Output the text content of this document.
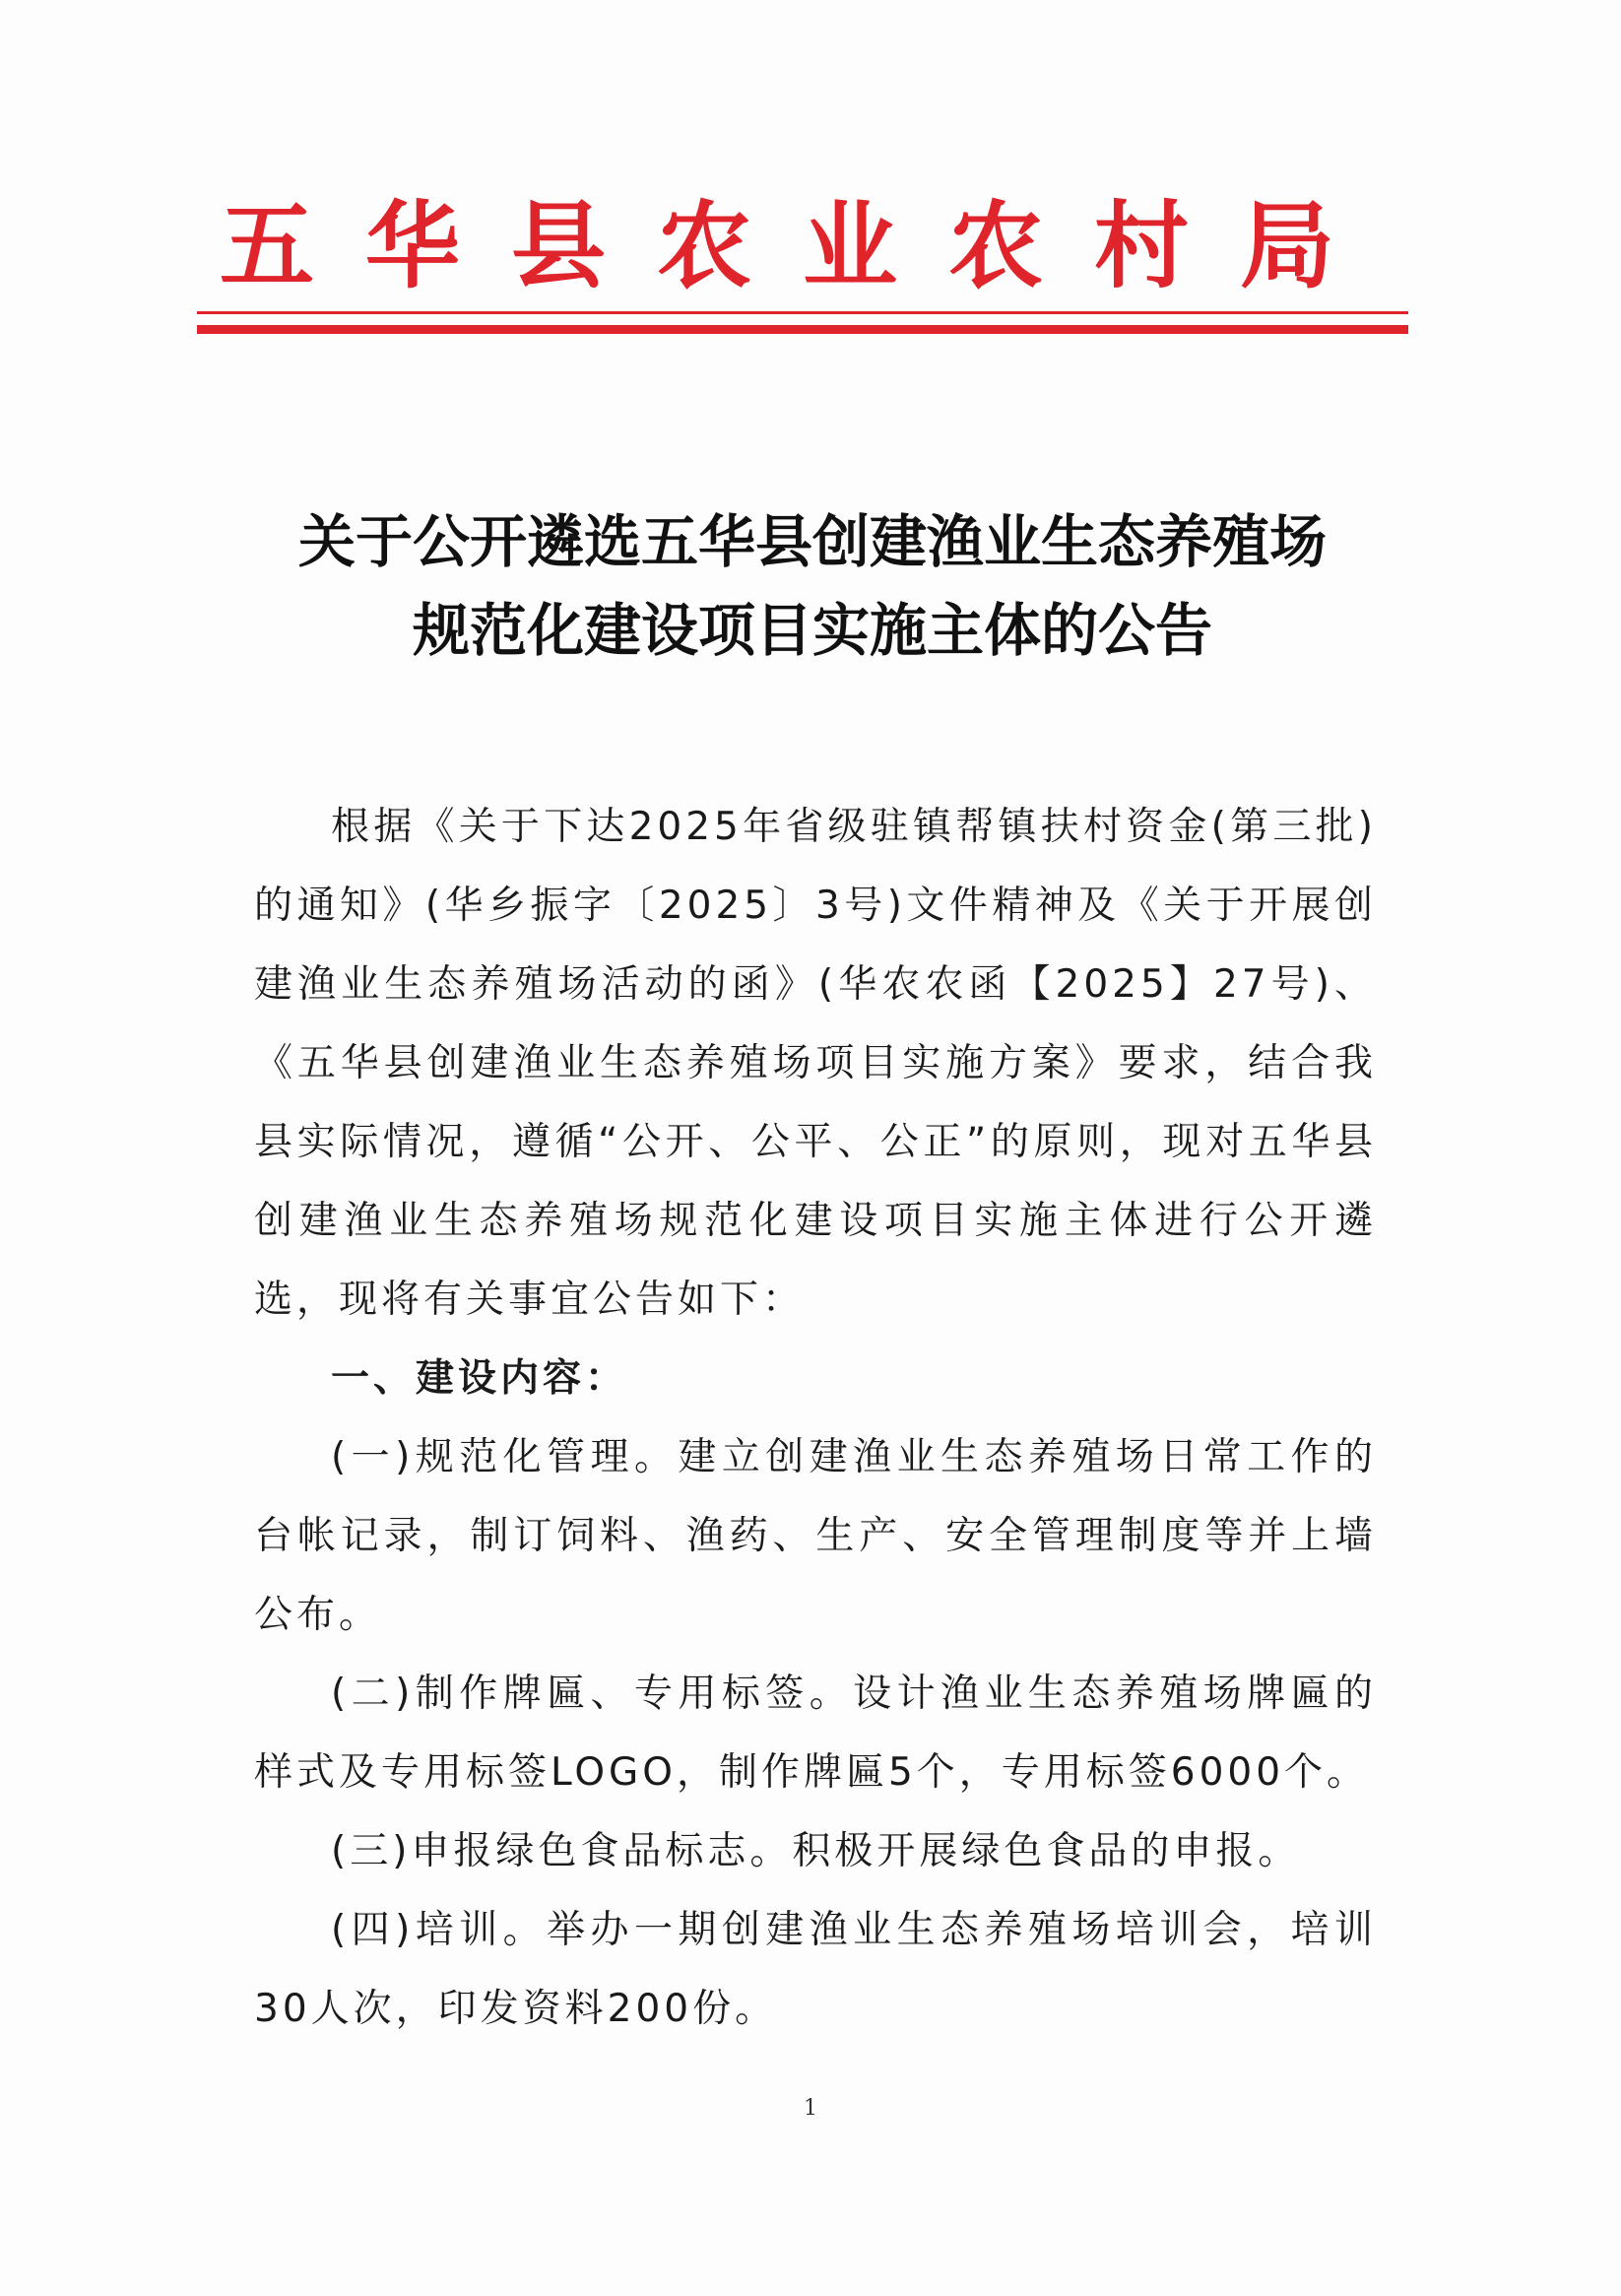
五华县农业农村局
关于公开遴选五华县创建渔业生态养殖场
规范化建设项目实施主体的公告

根据《关于下达2025年省级驻镇帮镇扶村资金(第三批)的通知》(华乡振字〔2025〕3号)文件精神及《关于开展创建渔业生态养殖场活动的函》(华农农函【2025】27号)、《五华县创建渔业生态养殖场项目实施方案》要求，结合我县实际情况，遵循“公开、公平、公正”的原则，现对五华县创建渔业生态养殖场规范化建设项目实施主体进行公开遴选，现将有关事宜公告如下：

一、建设内容：

(一)规范化管理。建立创建渔业生态养殖场日常工作的台帐记录，制订饲料、渔药、生产、安全管理制度等并上墙公布。

(二)制作牌匾、专用标签。设计渔业生态养殖场牌匾的样式及专用标签LOGO，制作牌匾5个，专用标签6000个。

(三)申报绿色食品标志。积极开展绿色食品的申报。

(四)培训。举办一期创建渔业生态养殖场培训会，培训30人次，印发资料200份。

1
